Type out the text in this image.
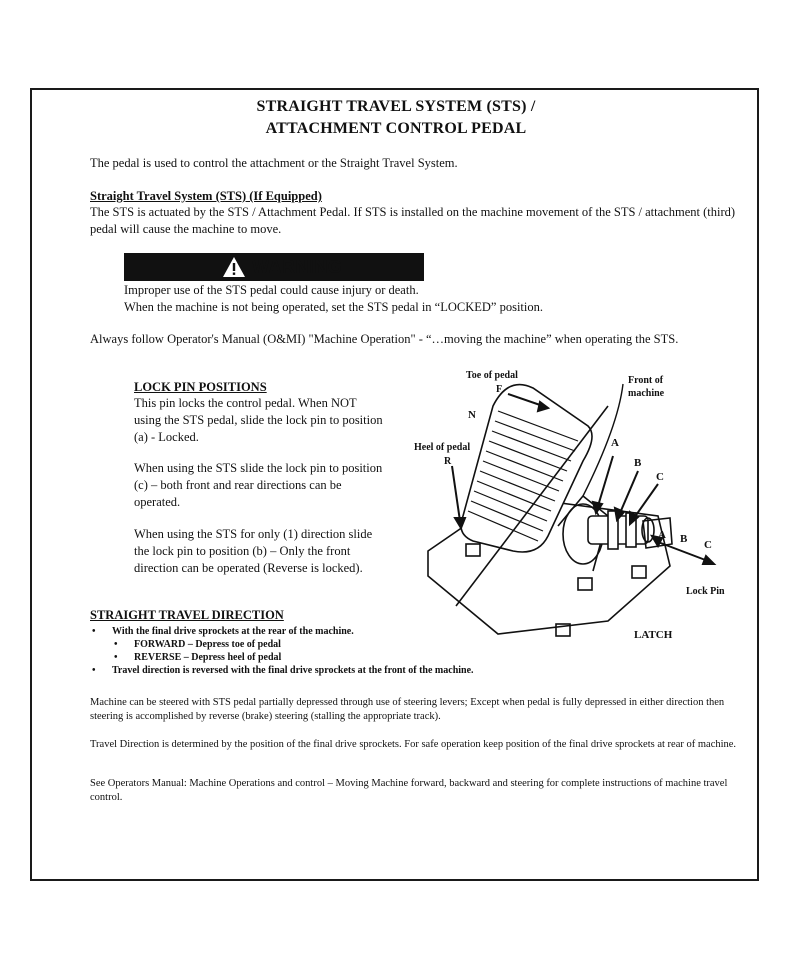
STRAIGHT TRAVEL SYSTEM (STS) /
ATTACHMENT CONTROL PEDAL
The pedal is used to control the attachment or the Straight Travel System.
Straight Travel System (STS) (If Equipped)
The STS is actuated by the STS / Attachment Pedal. If STS is installed on the machine movement of the STS / attachment (third) pedal will cause the machine to move.
WARNING
Improper use of the STS pedal could cause injury or death.
When the machine is not being operated, set the STS pedal in “LOCKED” position.
Always follow Operator's Manual (O&MI) "Machine Operation" - “…moving the machine” when operating the STS.
LOCK PIN POSITIONS
This pin locks the control pedal. When NOT using the STS pedal, slide the lock pin to position (a) - Locked.
When using the STS slide the lock pin to position (c) – both front and rear directions can be operated.
When using the STS for only (1) direction slide the lock pin to position (b) – Only the front direction can be operated (Reverse is locked).
STRAIGHT TRAVEL DIRECTION
• With the final drive sprockets at the rear of the machine.
• FORWARD – Depress toe of pedal
• REVERSE – Depress heel of pedal
• Travel direction is reversed with the final drive sprockets at the front of the machine.
Machine can be steered with STS pedal partially depressed through use of steering levers; Except when pedal is fully depressed in either direction then steering is accomplished by reverse (brake) steering (stalling the appropriate track).
Travel Direction is determined by the position of the final drive sprockets. For safe operation keep position of the final drive sprockets at rear of machine.
See Operators Manual: Machine Operations and control – Moving Machine forward, backward and steering for complete instructions of machine travel control.
Toe of pedal
F
Front of
machine
N
Heel of pedal
R
A
B
C
A B C
Lock Pin
LATCH
